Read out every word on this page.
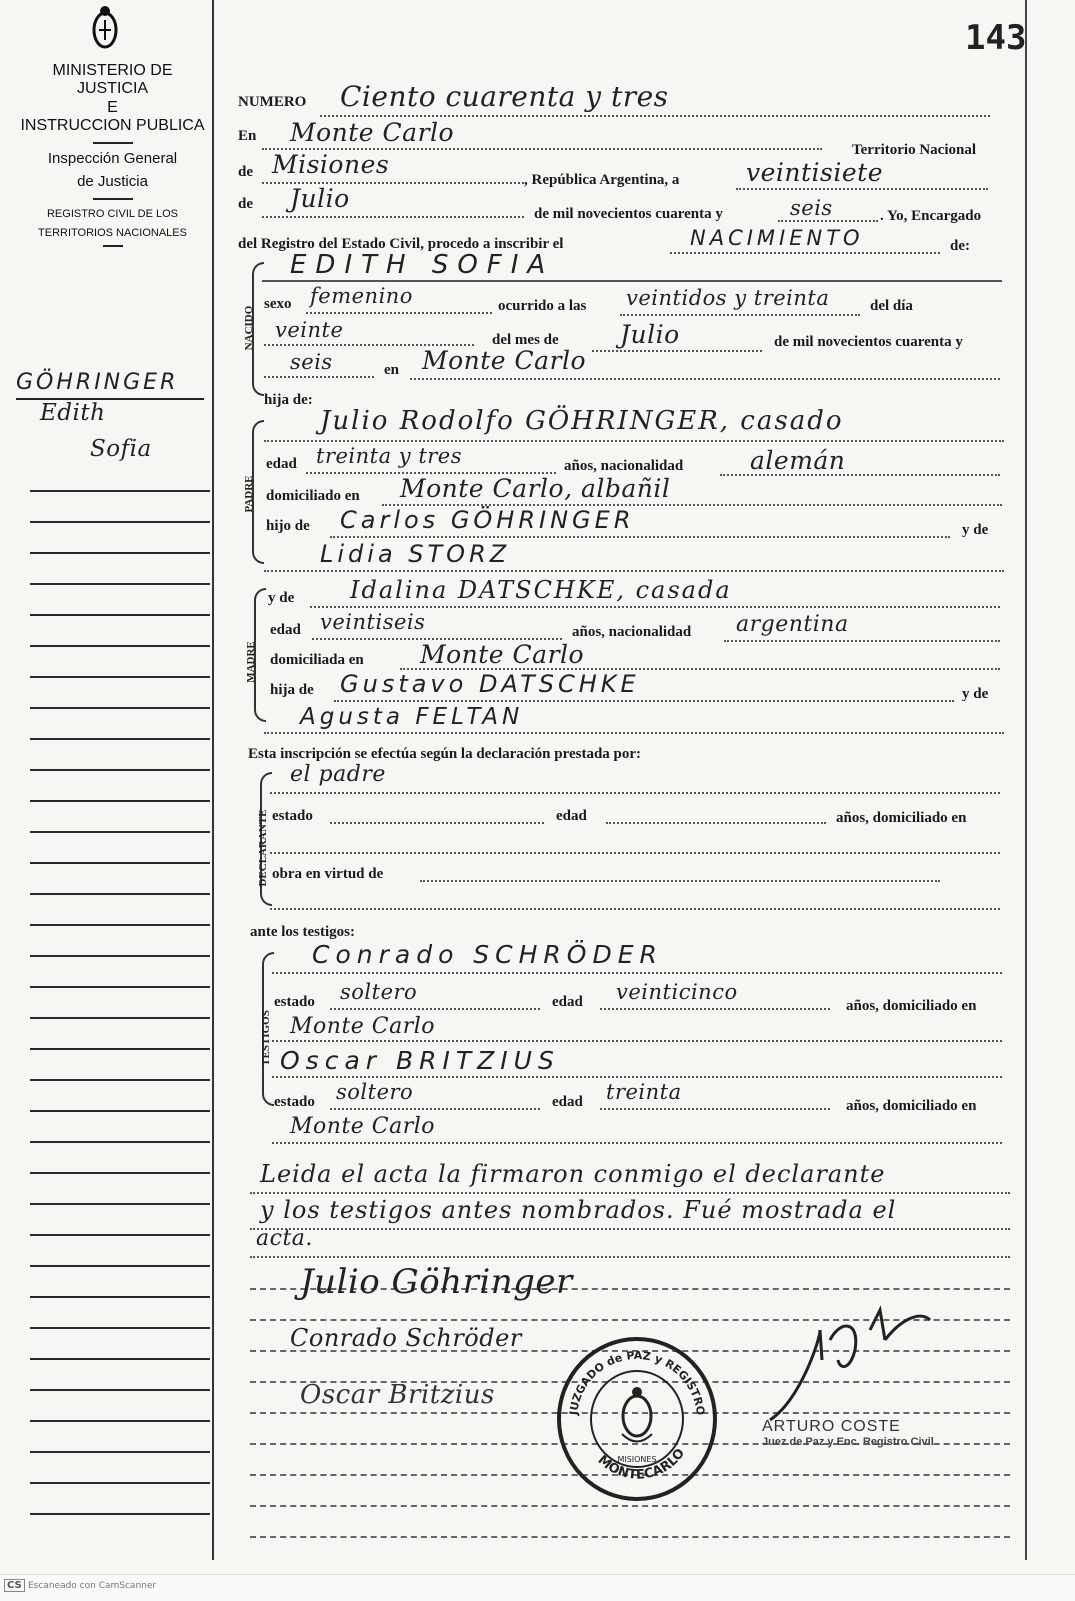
143
MINISTERIO DE JUSTICIA
E
INSTRUCCION PUBLICA
Inspección General
de Justicia
REGISTRO CIVIL DE LOS
TERRITORIOS NACIONALES
GÖHRINGER
Edith
Sofia
NUMERO Ciento cuarenta y tres
En Monte Carlo
Territorio Nacional
de Misiones
, República Argentina, a	veintisiete
de Julio
de mil novecientos cuarenta y	seis	. Yo, Encargado
del Registro del Estado Civil, procedo a inscribir el	NACIMIENTO	de:
NACIDO
EDITH SOFIA
sexo femenino	ocurrido a las veintidos y treinta	del día
veinte	del mes de Julio	de mil novecientos cuarenta y
seis	en Monte Carlo
hija de:
PADRE
Julio Rodolfo GÖHRINGER, casado
edad treinta y tres	años, nacionalidad	alemán
domiciliado en Monte Carlo, albañil
hijo de Carlos GÖHRINGER	y de
Lidia STORZ
MADRE
y de Idalina DATSCHKE, casada
edad veintiseis	años, nacionalidad argentina
domiciliada en Monte Carlo
hija de Gustavo DATSCHKE	y de
Agusta FELTAN
Esta inscripción se efectúa según la declaración prestada por:
DECLARANTE
el padre
estado	edad	años, domiciliado en
obra en virtud de
ante los testigos:
TESTIGOS
Conrado SCHRÖDER
estado soltero	edad veinticinco
años, domiciliado en
Monte Carlo
Oscar BRITZIUS
estado soltero	edad treinta
años, domiciliado en
Monte Carlo
Leida el acta la firmaron conmigo el declarante
y los testigos antes nombrados. Fué mostrada el
acta.
Julio Göhringer
Conrado Schröder
Oscar Britzius
JUZGADO de PAZ y REGISTRO
MONTECARLO
MISIONES
ARTURO COSTE
Juez de Paz y Enc. Registro Civil
CS Escaneado con CamScanner
